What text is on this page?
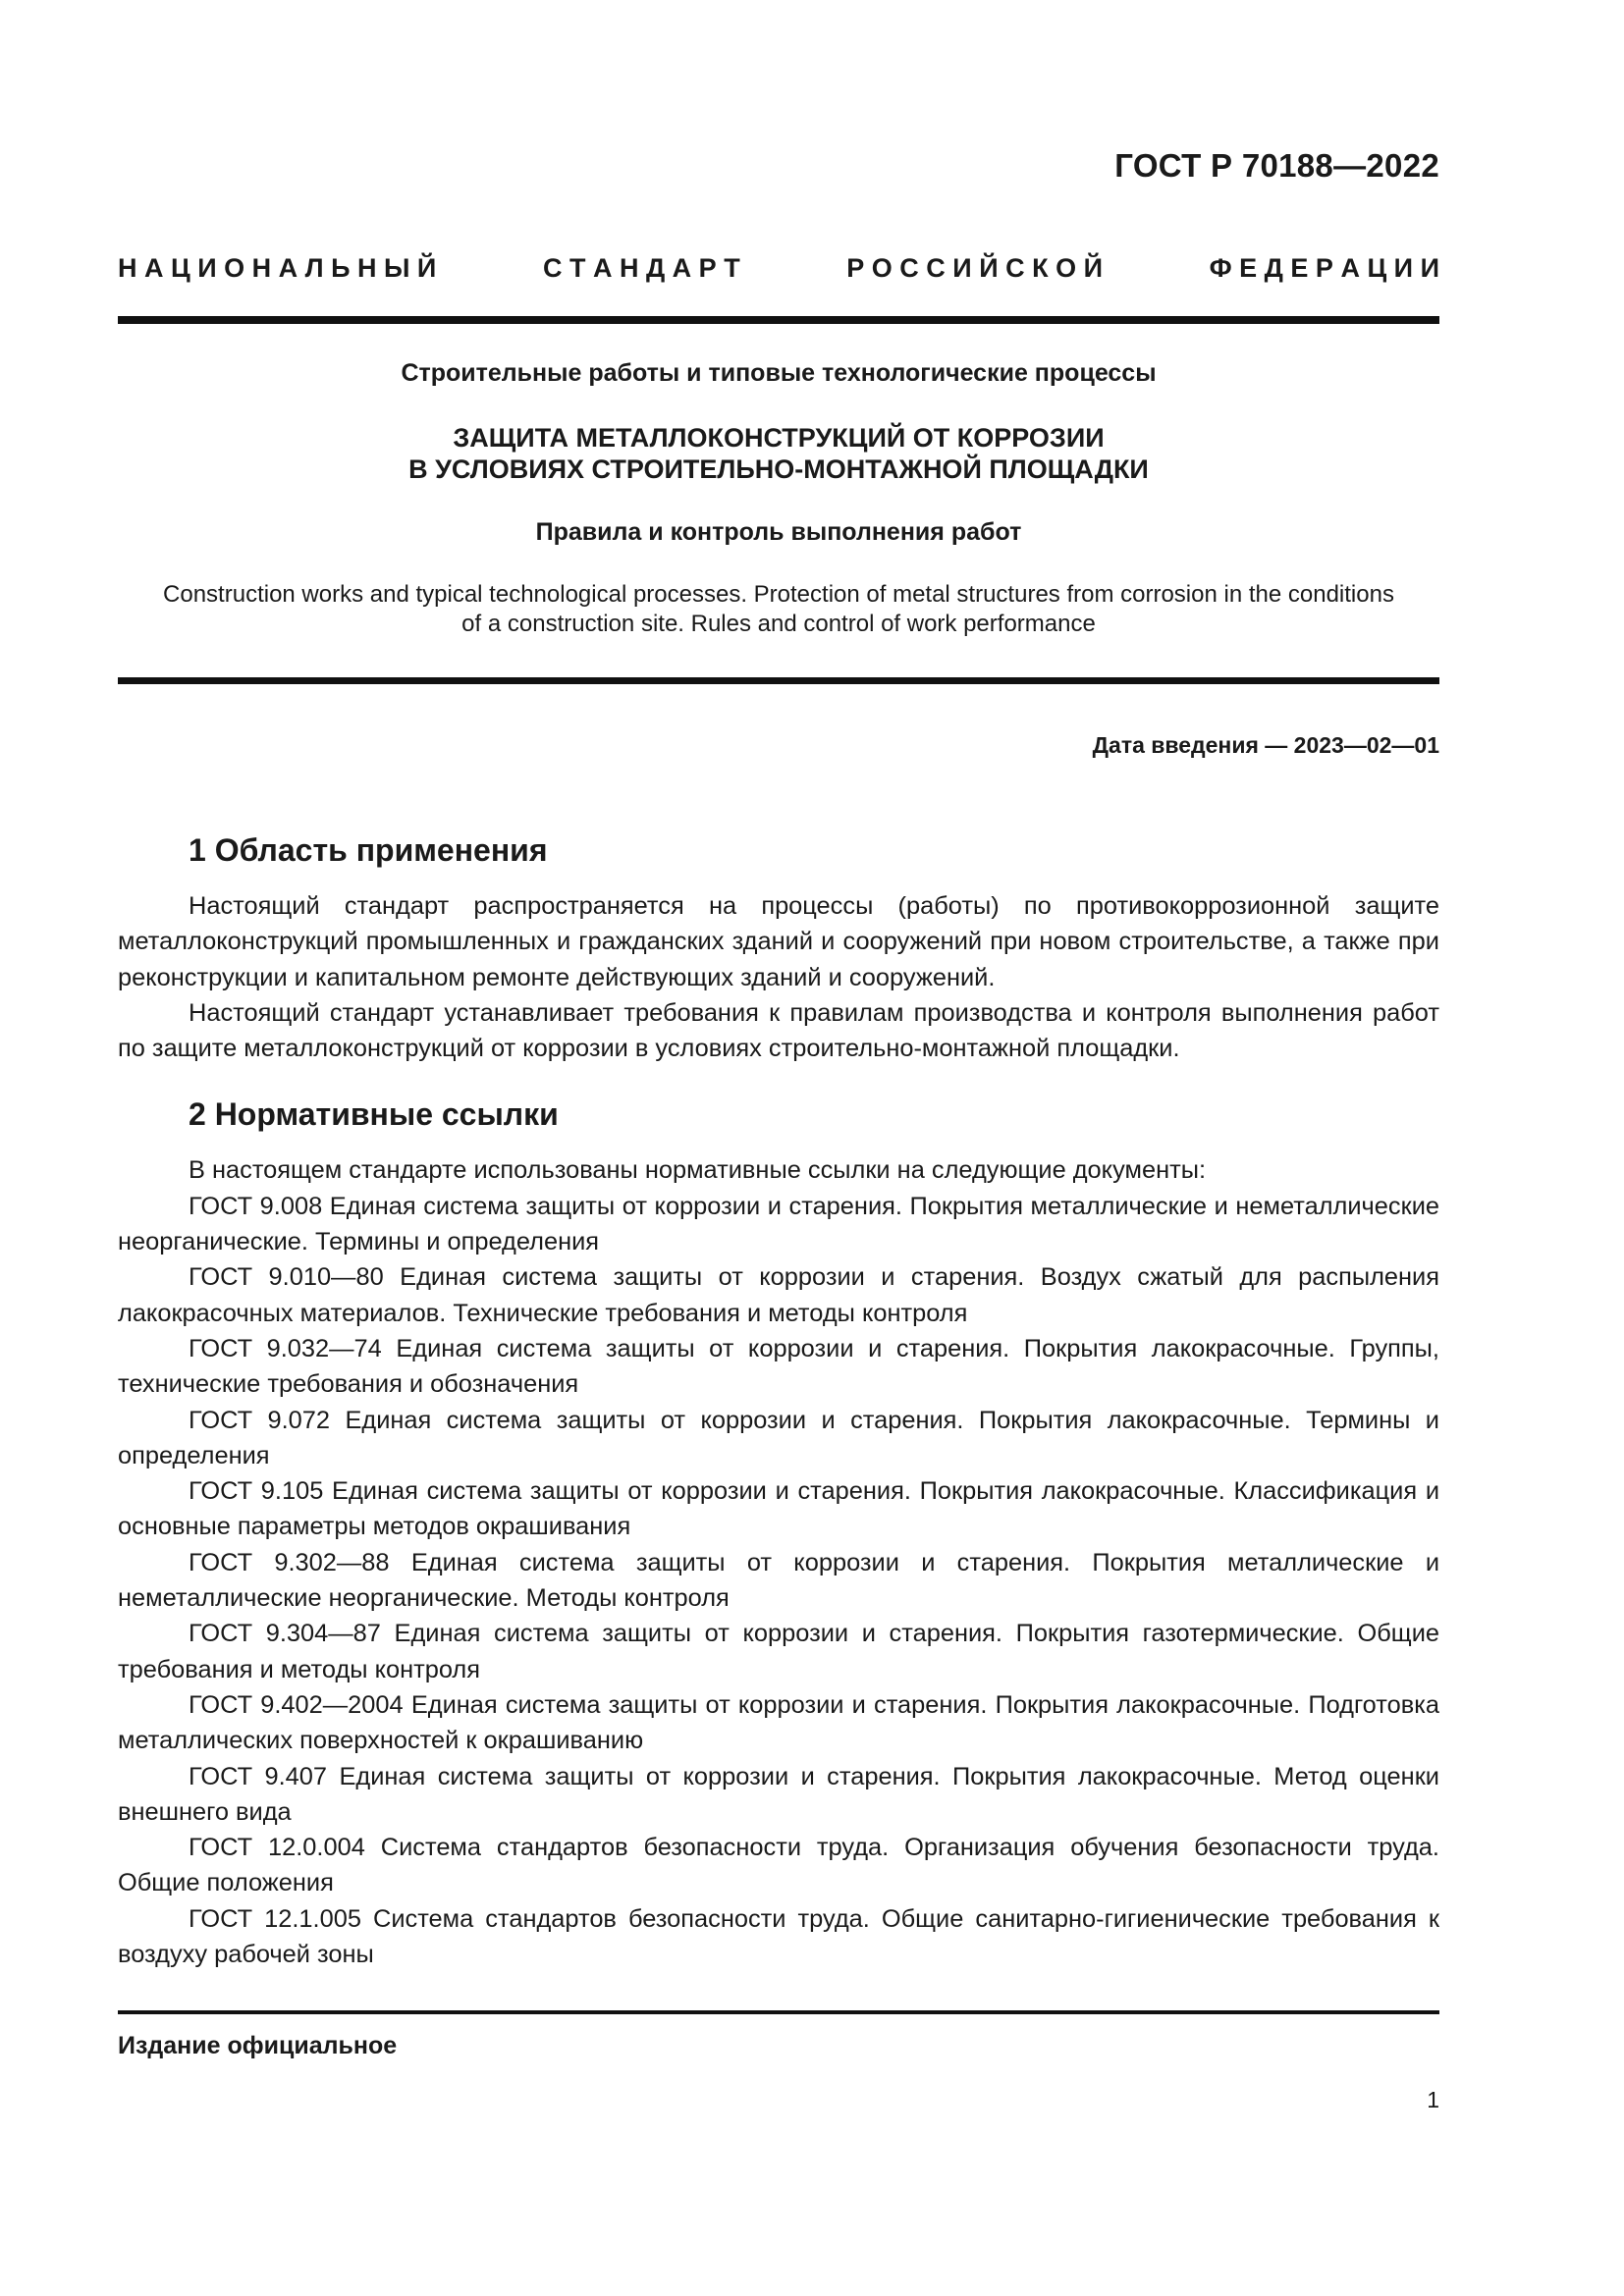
ГОСТ Р 70188—2022
Н А Ц И О Н А Л Ь Н Ы Й	С Т А Н Д А Р Т	Р О С С И Й С К О Й	Ф Е Д Е Р А Ц И И
Строительные работы и типовые технологические процессы
ЗАЩИТА МЕТАЛЛОКОНСТРУКЦИЙ ОТ КОРРОЗИИ
В УСЛОВИЯХ СТРОИТЕЛЬНО-МОНТАЖНОЙ ПЛОЩАДКИ
Правила и контроль выполнения работ
Construction works and typical technological processes. Protection of metal structures from corrosion in the conditions
of a construction site. Rules and control of work performance
Дата введения — 2023—02—01
1 Область применения

Настоящий стандарт распространяется на процессы (работы) по противокоррозионной защите металлоконструкций промышленных и гражданских зданий и сооружений при новом строительстве, а также при реконструкции и капитальном ремонте действующих зданий и сооружений.

Настоящий стандарт устанавливает требования к правилам производства и контроля выполнения работ по защите металлоконструкций от коррозии в условиях строительно-монтажной площадки.

2 Нормативные ссылки

В настоящем стандарте использованы нормативные ссылки на следующие документы:

ГОСТ 9.008 Единая система защиты от коррозии и старения. Покрытия металлические и неметаллические неорганические. Термины и определения

ГОСТ 9.010—80 Единая система защиты от коррозии и старения. Воздух сжатый для распыления лакокрасочных материалов. Технические требования и методы контроля

ГОСТ 9.032—74 Единая система защиты от коррозии и старения. Покрытия лакокрасочные. Группы, технические требования и обозначения

ГОСТ 9.072 Единая система защиты от коррозии и старения. Покрытия лакокрасочные. Термины и определения

ГОСТ 9.105 Единая система защиты от коррозии и старения. Покрытия лакокрасочные. Классификация и основные параметры методов окрашивания

ГОСТ 9.302—88 Единая система защиты от коррозии и старения. Покрытия металлические и неметаллические неорганические. Методы контроля

ГОСТ 9.304—87 Единая система защиты от коррозии и старения. Покрытия газотермические. Общие требования и методы контроля

ГОСТ 9.402—2004 Единая система защиты от коррозии и старения. Покрытия лакокрасочные. Подготовка металлических поверхностей к окрашиванию

ГОСТ 9.407 Единая система защиты от коррозии и старения. Покрытия лакокрасочные. Метод оценки внешнего вида

ГОСТ 12.0.004 Система стандартов безопасности труда. Организация обучения безопасности труда. Общие положения

ГОСТ 12.1.005 Система стандартов безопасности труда. Общие санитарно-гигиенические требования к воздуху рабочей зоны

Издание официальное
1
